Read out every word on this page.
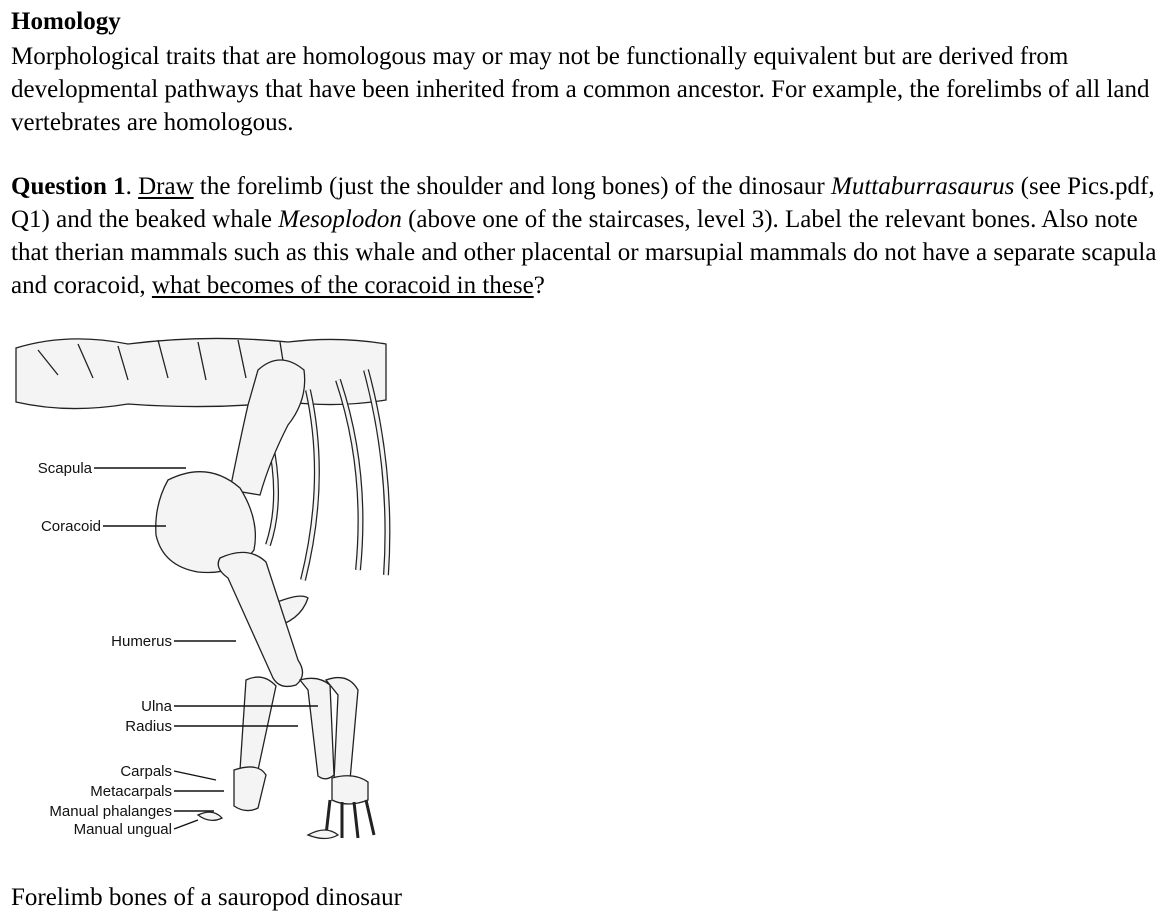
Homology
Morphological traits that are homologous may or may not be functionally equivalent but are derived from developmental pathways that have been inherited from a common ancestor. For example, the forelimbs of all land vertebrates are homologous.
Question 1. Draw the forelimb (just the shoulder and long bones) of the dinosaur Muttaburrasaurus (see Pics.pdf, Q1) and the beaked whale Mesoplodon (above one of the staircases, level 3). Label the relevant bones. Also note that therian mammals such as this whale and other placental or marsupial mammals do not have a separate scapula and coracoid, what becomes of the coracoid in these?
Scapula
Coracoid
Humerus
Ulna
Radius
Carpals
Metacarpals
Manual phalanges
Manual ungual
Forelimb bones of a sauropod dinosaur
